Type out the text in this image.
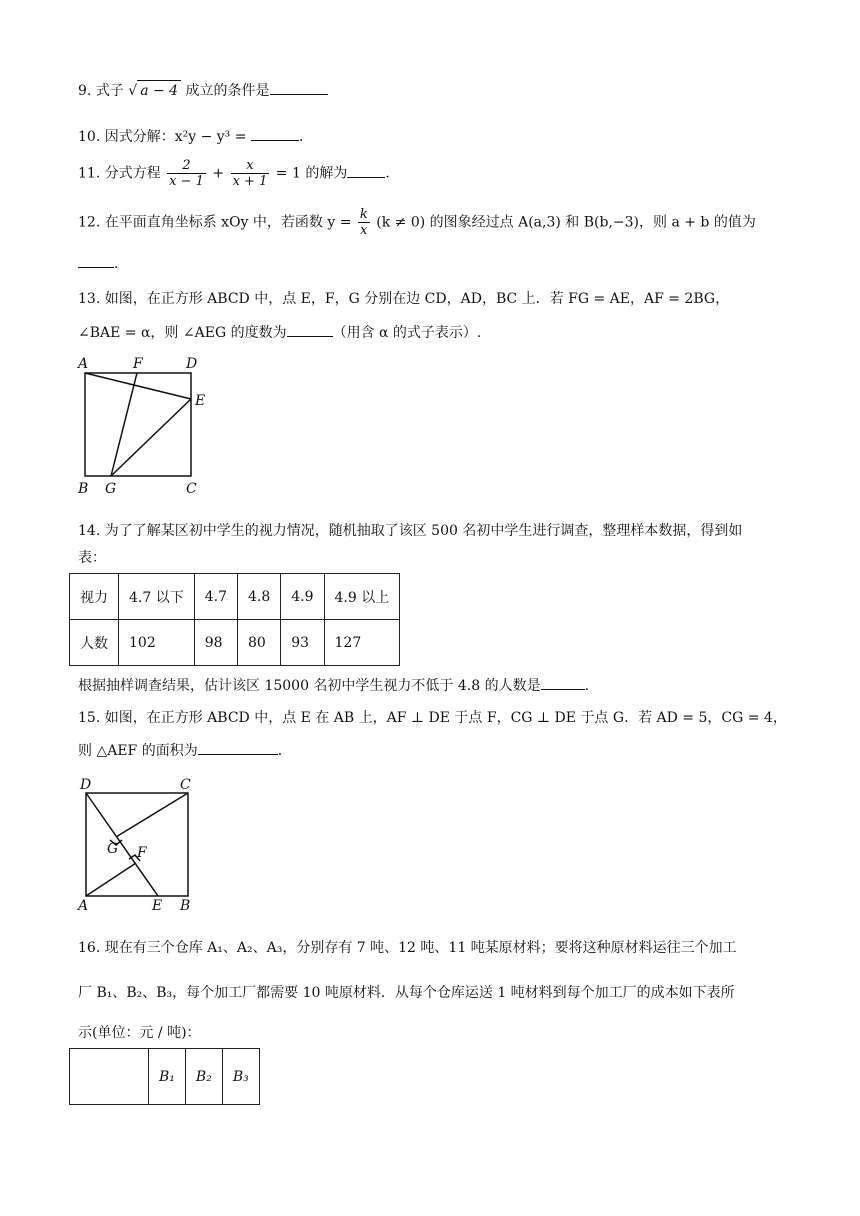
9. 式子 √ a − 4 成立的条件是
10. 因式分解：x²y − y³ =	.
11. 分式方程 $\frac{2}{x - 1} + \frac{x}{x + 1} = 1$ 的解为	.
12. 在平面直角坐标系 xOy 中，若函数 $y = \frac{k}{x} (k \ne 0)$ 的图象经过点 A(a,3) 和 B(b,−3)，则 a + b 的值为
.
13. 如图，在正方形 ABCD 中，点 E，F，G 分别在边 CD，AD，BC 上．若 FG = AE，AF = 2BG，
∠BAE = α，则 ∠AEG 的度数为	（用含 α 的式子表示）.
A	F	D
E
B G	C
14. 为了了解某区初中学生的视力情况，随机抽取了该区 500 名初中学生进行调查，整理样本数据，得到如
表：
视力	4.7 以下	4.7	4.8	4.9	4.9 以上
人数	102	98	80	93	127
根据抽样调查结果，估计该区 15000 名初中学生视力不低于 4.8 的人数是	.
15. 如图，在正方形 ABCD 中，点 E 在 AB 上，AF ⊥ DE 于点 F，CG ⊥ DE 于点 G．若 AD = 5，CG = 4，
则 △AEF 的面积为	.
D	C
G F
A	E B
16. 现在有三个仓库 A₁、A₂、A₃，分别存有 7 吨、12 吨、11 吨某原材料；要将这种原材料运往三个加工
厂 B₁、B₂、B₃，每个加工厂都需要 10 吨原材料．从每个仓库运送 1 吨材料到每个加工厂的成本如下表所
示(单位：元 / 吨)：
	B₁	B₂	B₃
